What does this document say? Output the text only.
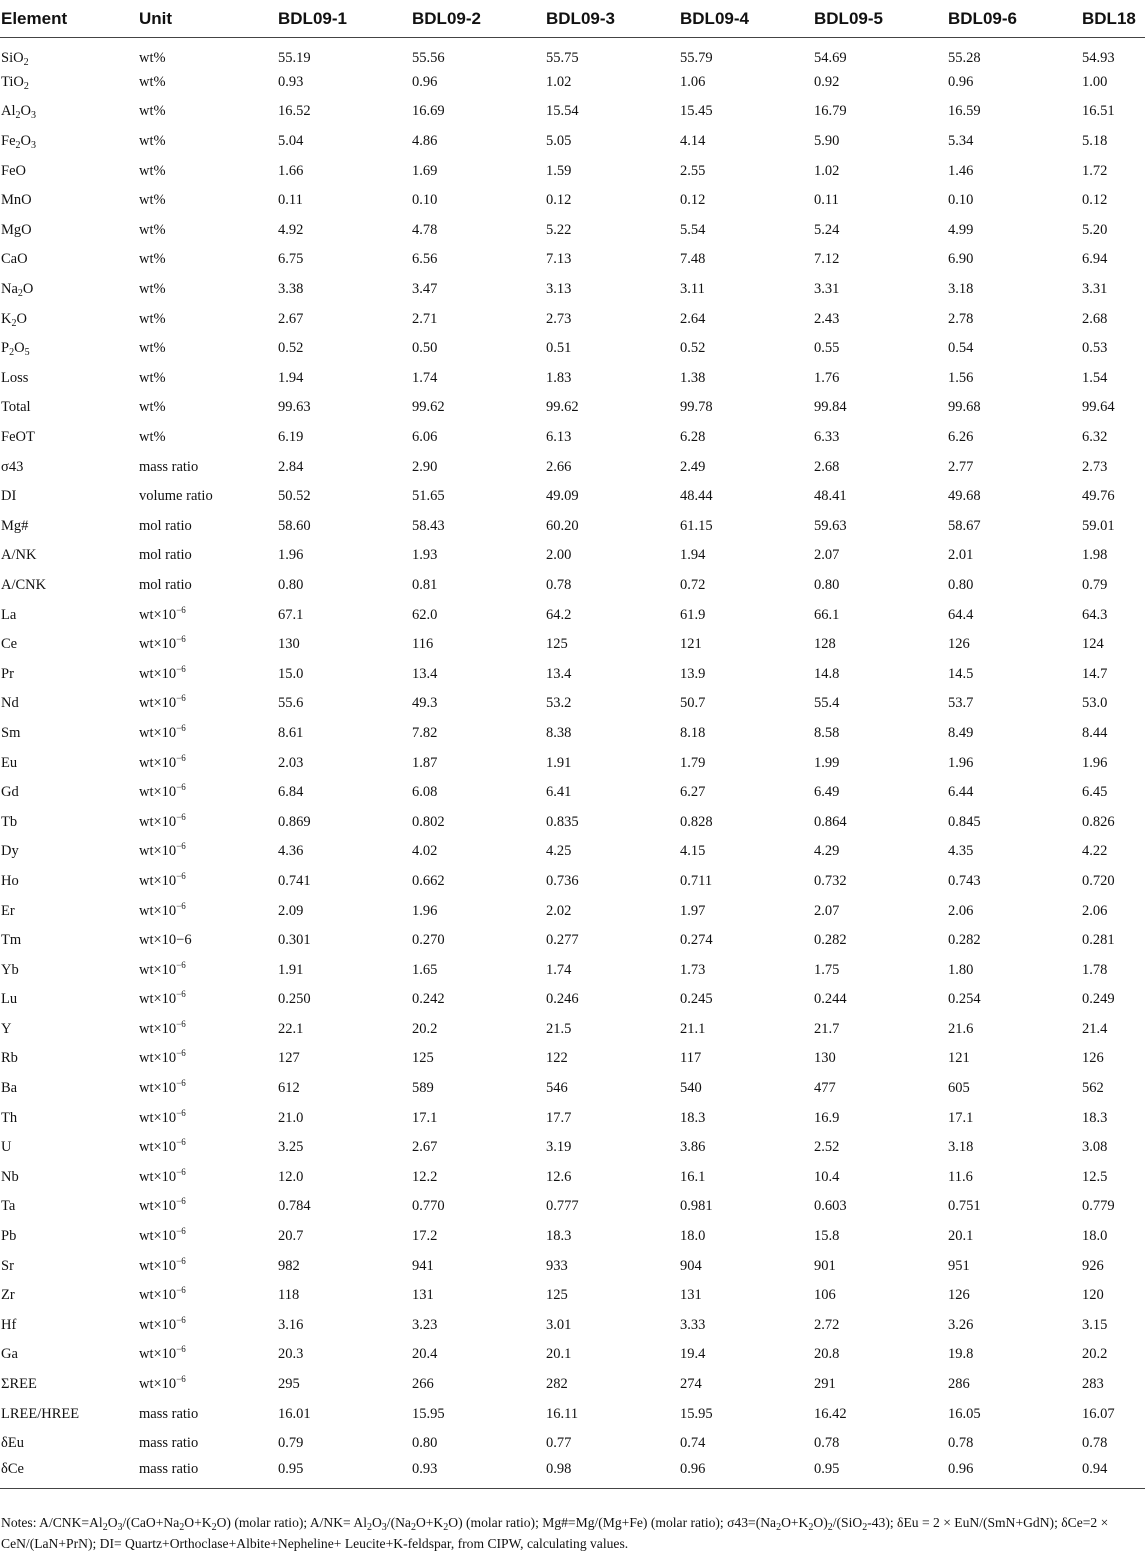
Element	Unit	BDL09-1	BDL09-2	BDL09-3	BDL09-4	BDL09-5	BDL09-6	BDL18
SiO$_2$	wt%	55.19	55.56	55.75	55.79	54.69	55.28	54.93
TiO$_2$	wt%	0.93	0.96	1.02	1.06	0.92	0.96	1.00
$Al_2O_3$	wt%	16.52	16.69	15.54	15.45	16.79	16.59	16.51
$Fe_2O_3$	wt%	5.04	4.86	5.05	4.14	5.90	5.34	5.18
FeO	wt%	1.66	1.69	1.59	2.55	1.02	1.46	1.72
MnO	wt%	0.11	0.10	0.12	0.12	0.11	0.10	0.12
MgO	wt%	4.92	4.78	5.22	5.54	5.24	4.99	5.20
CaO	wt%	6.75	6.56	7.13	7.48	7.12	6.90	6.94
$Na_2O$	wt%	3.38	3.47	3.13	3.11	3.31	3.18	3.31
$K_2O$	wt%	2.67	2.71	2.73	2.64	2.43	2.78	2.68
$P_2O_5$	wt%	0.52	0.50	0.51	0.52	0.55	0.54	0.53
Loss	wt%	1.94	1.74	1.83	1.38	1.76	1.56	1.54
Total	wt%	99.63	99.62	99.62	99.78	99.84	99.68	99.64
FeOT	wt%	6.19	6.06	6.13	6.28	6.33	6.26	6.32
σ43	mass ratio	2.84	2.90	2.66	2.49	2.68	2.77	2.73
DI	volume ratio	50.52	51.65	49.09	48.44	48.41	49.68	49.76
Mg#	mol ratio	58.60	58.43	60.20	61.15	59.63	58.67	59.01
A/NK	mol ratio	1.96	1.93	2.00	1.94	2.07	2.01	1.98
A/CNK	mol ratio	0.80	0.81	0.78	0.72	0.80	0.80	0.79
La	$wt\times 10^{-6}$	67.1	62.0	64.2	61.9	66.1	64.4	64.3
Ce	$wt\times 10^{-6}$	130	116	125	121	128	126	124
Pr	$wt\times 10^{-6}$	15.0	13.4	13.4	13.9	14.8	14.5	14.7
Nd	$wt\times 10^{-6}$	55.6	49.3	53.2	50.7	55.4	53.7	53.0
Sm	$wt\times 10^{-6}$	8.61	7.82	8.38	8.18	8.58	8.49	8.44
Eu	$wt\times 10^{-6}$	2.03	1.87	1.91	1.79	1.99	1.96	1.96
Gd	$wt\times 10^{-6}$	6.84	6.08	6.41	6.27	6.49	6.44	6.45
Tb	$wt\times 10^{-6}$	0.869	0.802	0.835	0.828	0.864	0.845	0.826
Dy	$wt\times 10^{-6}$	4.36	4.02	4.25	4.15	4.29	4.35	4.22
Ho	$wt\times 10^{-6}$	0.741	0.662	0.736	0.711	0.732	0.743	0.720
Er	$wt\times 10^{-6}$	2.09	1.96	2.02	1.97	2.07	2.06	2.06
Tm	wt×10−6	0.301	0.270	0.277	0.274	0.282	0.282	0.281
Yb	$wt\times 10^{-6}$	1.91	1.65	1.74	1.73	1.75	1.80	1.78
Lu	$wt\times 10^{-6}$	0.250	0.242	0.246	0.245	0.244	0.254	0.249
Y	$wt\times 10^{-6}$	22.1	20.2	21.5	21.1	21.7	21.6	21.4
Rb	$wt\times 10^{-6}$	127	125	122	117	130	121	126
Ba	$wt\times 10^{-6}$	612	589	546	540	477	605	562
Th	$wt\times 10^{-6}$	21.0	17.1	17.7	18.3	16.9	17.1	18.3
U	$wt\times 10^{-6}$	3.25	2.67	3.19	3.86	2.52	3.18	3.08
Nb	$wt\times 10^{-6}$	12.0	12.2	12.6	16.1	10.4	11.6	12.5
Ta	$wt\times 10^{-6}$	0.784	0.770	0.777	0.981	0.603	0.751	0.779
Pb	$wt\times 10^{-6}$	20.7	17.2	18.3	18.0	15.8	20.1	18.0
Sr	$wt\times 10^{-6}$	982	941	933	904	901	951	926
Zr	$wt\times 10^{-6}$	118	131	125	131	106	126	120
Hf	$wt\times 10^{-6}$	3.16	3.23	3.01	3.33	2.72	3.26	3.15
Ga	$wt\times 10^{-6}$	20.3	20.4	20.1	19.4	20.8	19.8	20.2
ΣREE	$wt\times 10^{-6}$	295	266	282	274	291	286	283
LREE/HREE	mass ratio	16.01	15.95	16.11	15.95	16.42	16.05	16.07
δEu	mass ratio	0.79	0.80	0.77	0.74	0.78	0.78	0.78
δCe	mass ratio	0.95	0.93	0.98	0.96	0.95	0.96	0.94
Notes: $A/CNK=Al_2O_3/(CaO+Na_2O+K_2O)$ (molar ratio); $A/NK= Al_2O_3/(Na_2O+K_2O)$ (molar ratio); Mg#=Mg/(Mg+Fe) (molar ratio); $\sigma 43=(Na_2O+K_2O)_2/(SiO_2-43)$; δEu = 2 × EuN/(SmN+GdN); δCe=2 × CeN/(LaN+PrN); DI= Quartz+Orthoclase+Albite+Nepheline+ Leucite+K-feldspar, from CIPW, calculating values.
